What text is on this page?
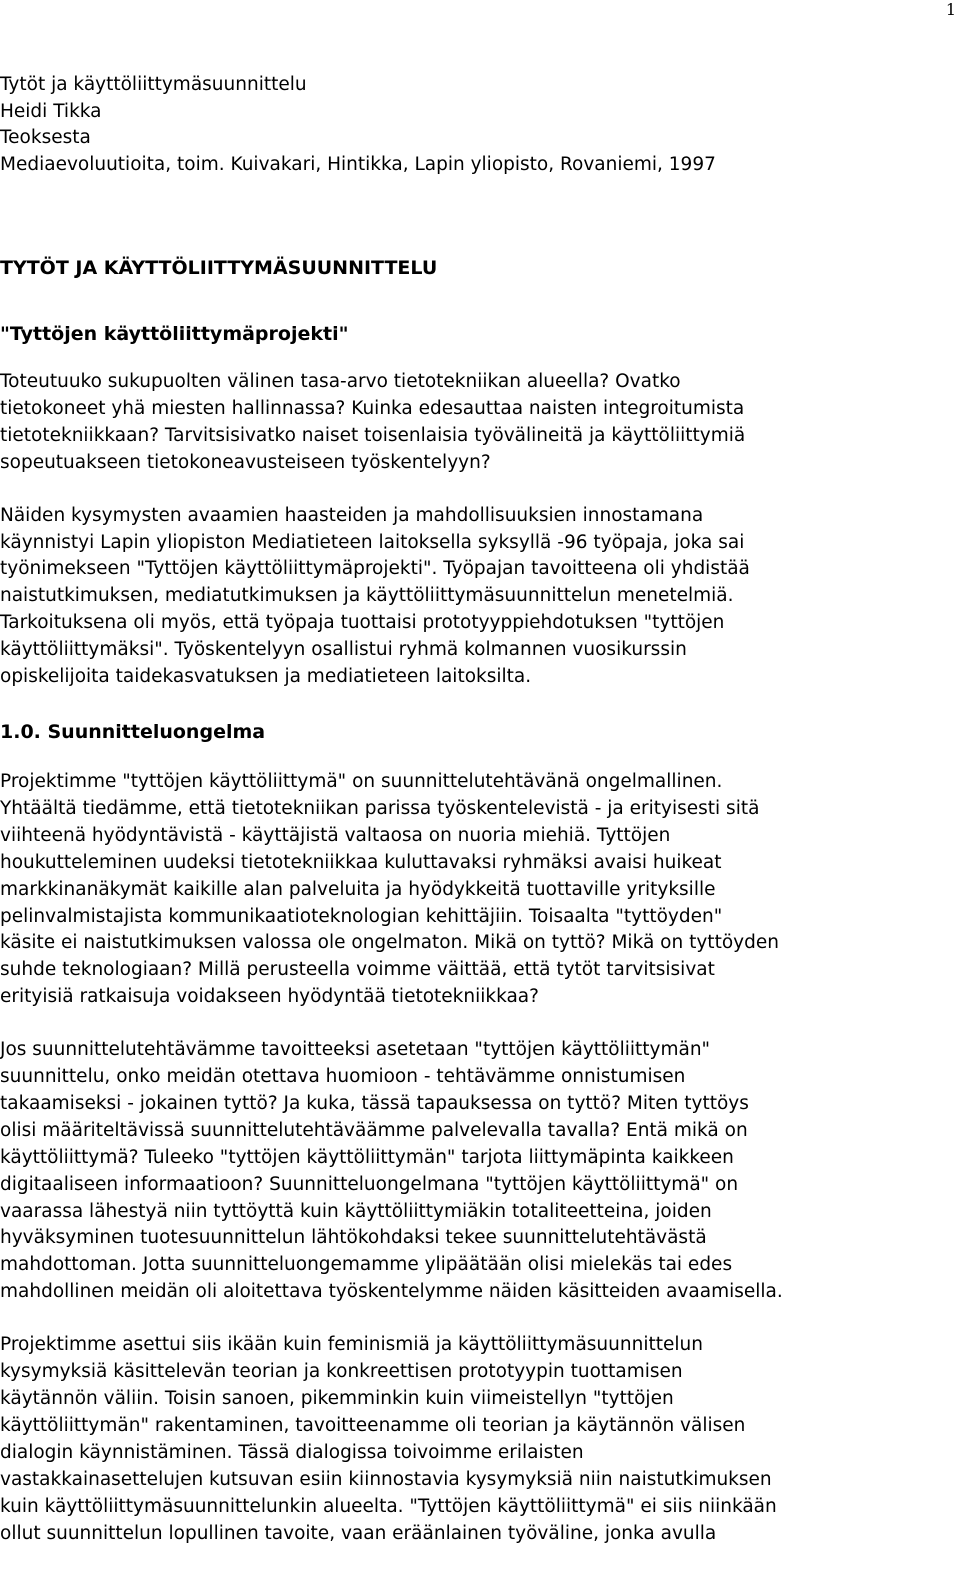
1
Tytöt ja käyttöliittymäsuunnittelu
Heidi Tikka
Teoksesta
Mediaevoluutioita, toim. Kuivakari, Hintikka, Lapin yliopisto, Rovaniemi, 1997
TYTÖT JA KÄYTTÖLIITTYMÄSUUNNITTELU
"Tyttöjen käyttöliittymäprojekti"
Toteutuuko sukupuolten välinen tasa-arvo tietotekniikan alueella? Ovatko
tietokoneet yhä miesten hallinnassa? Kuinka edesauttaa naisten integroitumista
tietotekniikkaan? Tarvitsisivatko naiset toisenlaisia työvälineitä ja käyttöliittymiä
sopeutuakseen tietokoneavusteiseen työskentelyyn?
Näiden kysymysten avaamien haasteiden ja mahdollisuuksien innostamana
käynnistyi Lapin yliopiston Mediatieteen laitoksella syksyllä -96 työpaja, joka sai
työnimekseen "Tyttöjen käyttöliittymäprojekti". Työpajan tavoitteena oli yhdistää
naistutkimuksen, mediatutkimuksen ja käyttöliittymäsuunnittelun menetelmiä.
Tarkoituksena oli myös, että työpaja tuottaisi prototyyppiehdotuksen "tyttöjen
käyttöliittymäksi". Työskentelyyn osallistui ryhmä kolmannen vuosikurssin
opiskelijoita taidekasvatuksen ja mediatieteen laitoksilta.
1.0. Suunnitteluongelma
Projektimme "tyttöjen käyttöliittymä" on suunnittelutehtävänä ongelmallinen.
Yhtäältä tiedämme, että tietotekniikan parissa työskentelevistä - ja erityisesti sitä
viihteenä hyödyntävistä - käyttäjistä valtaosa on nuoria miehiä. Tyttöjen
houkutteleminen uudeksi tietotekniikkaa kuluttavaksi ryhmäksi avaisi huikeat
markkinanäkymät kaikille alan palveluita ja hyödykkeitä tuottaville yrityksille
pelinvalmistajista kommunikaatioteknologian kehittäjiin. Toisaalta "tyttöyden"
käsite ei naistutkimuksen valossa ole ongelmaton. Mikä on tyttö? Mikä on tyttöyden
suhde teknologiaan? Millä perusteella voimme väittää, että tytöt tarvitsisivat
erityisiä ratkaisuja voidakseen hyödyntää tietotekniikkaa?
Jos suunnittelutehtävämme tavoitteeksi asetetaan "tyttöjen käyttöliittymän"
suunnittelu, onko meidän otettava huomioon - tehtävämme onnistumisen
takaamiseksi - jokainen tyttö? Ja kuka, tässä tapauksessa on tyttö? Miten tyttöys
olisi määriteltävissä suunnittelutehtäväämme palvelevalla tavalla? Entä mikä on
käyttöliittymä? Tuleeko "tyttöjen käyttöliittymän" tarjota liittymäpinta kaikkeen
digitaaliseen informaatioon? Suunnitteluongelmana "tyttöjen käyttöliittymä" on
vaarassa lähestyä niin tyttöyttä kuin käyttöliittymiäkin totaliteetteina, joiden
hyväksyminen tuotesuunnittelun lähtökohdaksi tekee suunnittelutehtävästä
mahdottoman. Jotta suunnitteluongemamme ylipäätään olisi mielekäs tai edes
mahdollinen meidän oli aloitettava työskentelymme näiden käsitteiden avaamisella.
Projektimme asettui siis ikään kuin feminismiä ja käyttöliittymäsuunnittelun
kysymyksiä käsittelevän teorian ja konkreettisen prototyypin tuottamisen
käytännön väliin. Toisin sanoen, pikemminkin kuin viimeistellyn "tyttöjen
käyttöliittymän" rakentaminen, tavoitteenamme oli teorian ja käytännön välisen
dialogin käynnistäminen. Tässä dialogissa toivoimme erilaisten
vastakkainasettelujen kutsuvan esiin kiinnostavia kysymyksiä niin naistutkimuksen
kuin käyttöliittymäsuunnittelunkin alueelta. "Tyttöjen käyttöliittymä" ei siis niinkään
ollut suunnittelun lopullinen tavoite, vaan eräänlainen työväline, jonka avulla
